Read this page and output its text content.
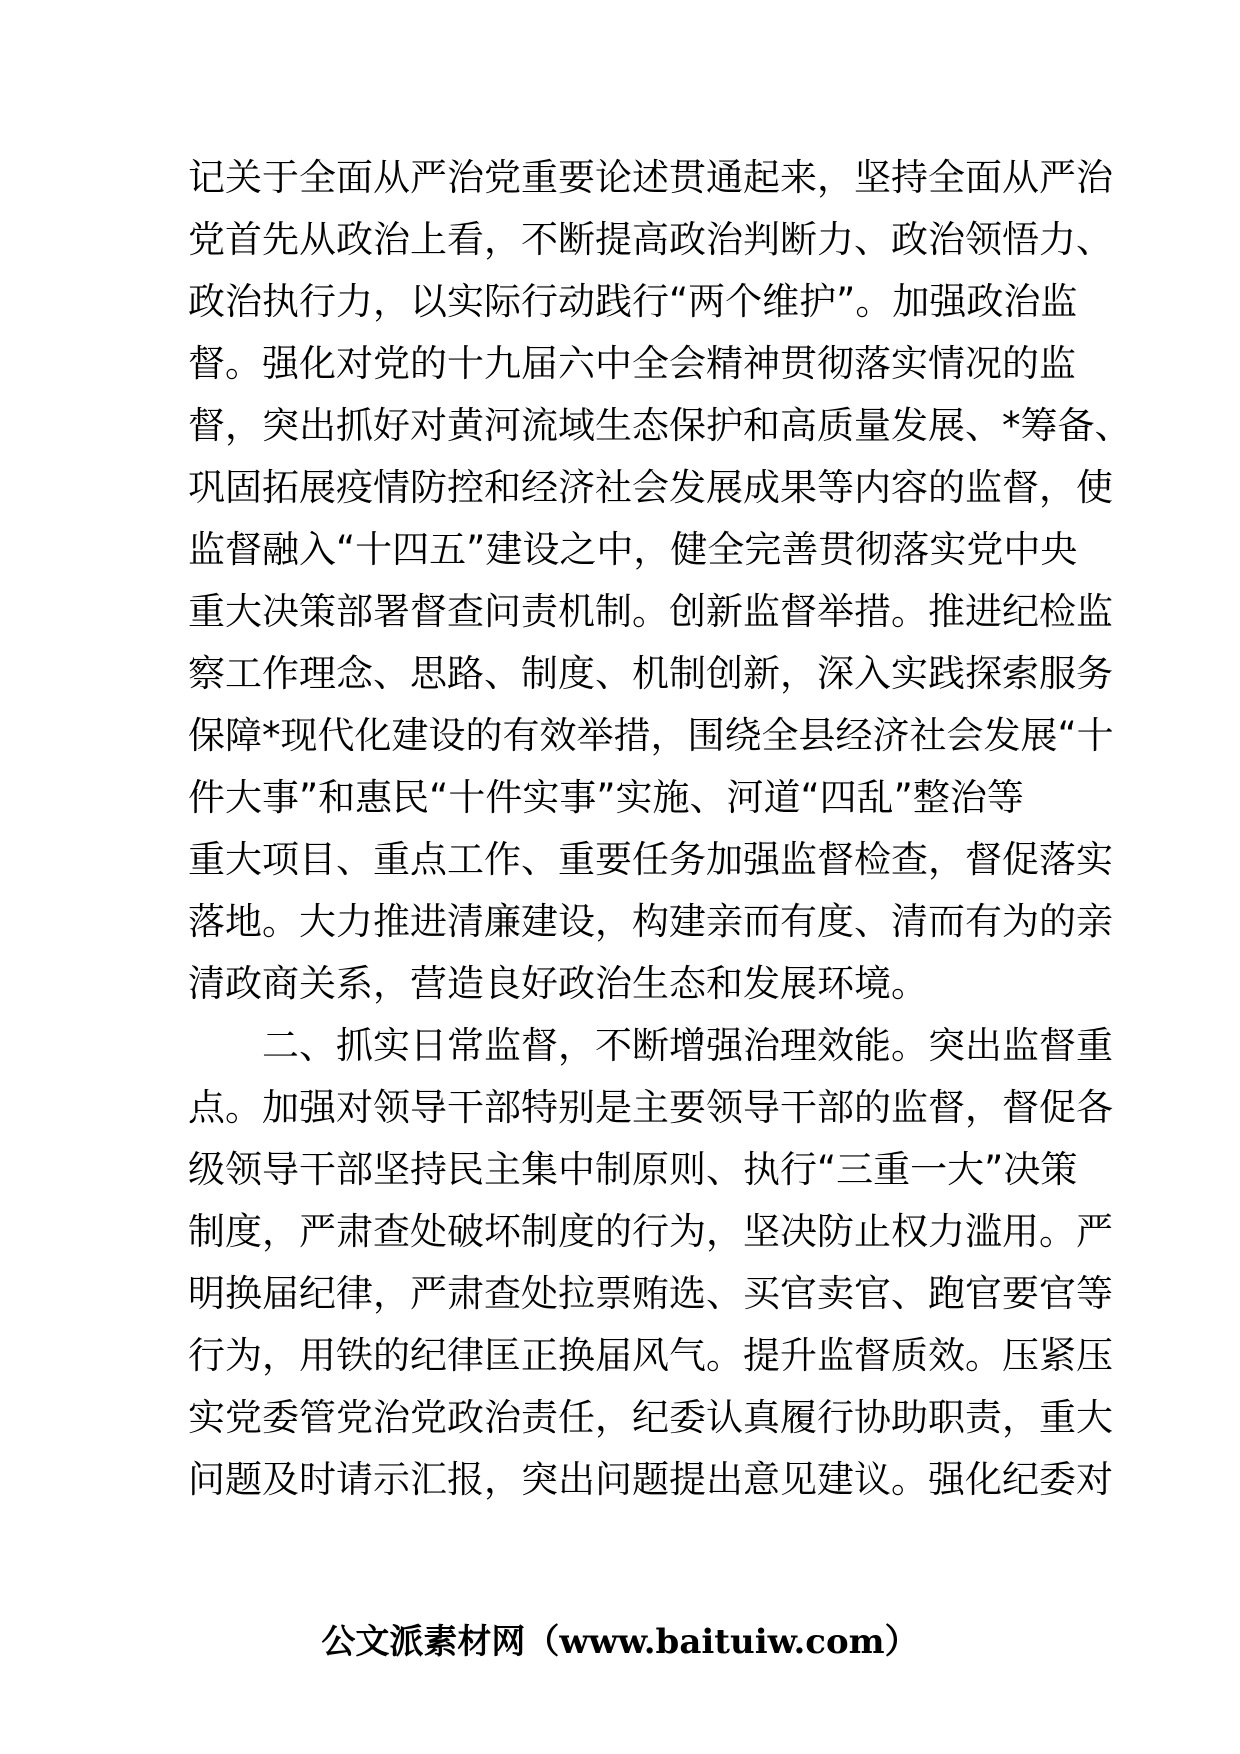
记关于全面从严治党重要论述贯通起来，坚持全面从严治
党首先从政治上看，不断提高政治判断力、政治领悟力、
政治执行力，以实际行动践行“两个维护”。加强政治监
督。强化对党的十九届六中全会精神贯彻落实情况的监
督，突出抓好对黄河流域生态保护和高质量发展、*筹备、
巩固拓展疫情防控和经济社会发展成果等内容的监督，使
监督融入“十四五”建设之中，健全完善贯彻落实党中央
重大决策部署督查问责机制。创新监督举措。推进纪检监
察工作理念、思路、制度、机制创新，深入实践探索服务
保障*现代化建设的有效举措，围绕全县经济社会发展“十
件大事”和惠民“十件实事”实施、河道“四乱”整治等
重大项目、重点工作、重要任务加强监督检查，督促落实
落地。大力推进清廉建设，构建亲而有度、清而有为的亲
清政商关系，营造良好政治生态和发展环境。
　　二、抓实日常监督，不断增强治理效能。突出监督重
点。加强对领导干部特别是主要领导干部的监督，督促各
级领导干部坚持民主集中制原则、执行“三重一大”决策
制度，严肃查处破坏制度的行为，坚决防止权力滥用。严
明换届纪律，严肃查处拉票贿选、买官卖官、跑官要官等
行为，用铁的纪律匡正换届风气。提升监督质效。压紧压
实党委管党治党政治责任，纪委认真履行协助职责，重大
问题及时请示汇报，突出问题提出意见建议。强化纪委对
公文派素材网（www.baituiw.com）
